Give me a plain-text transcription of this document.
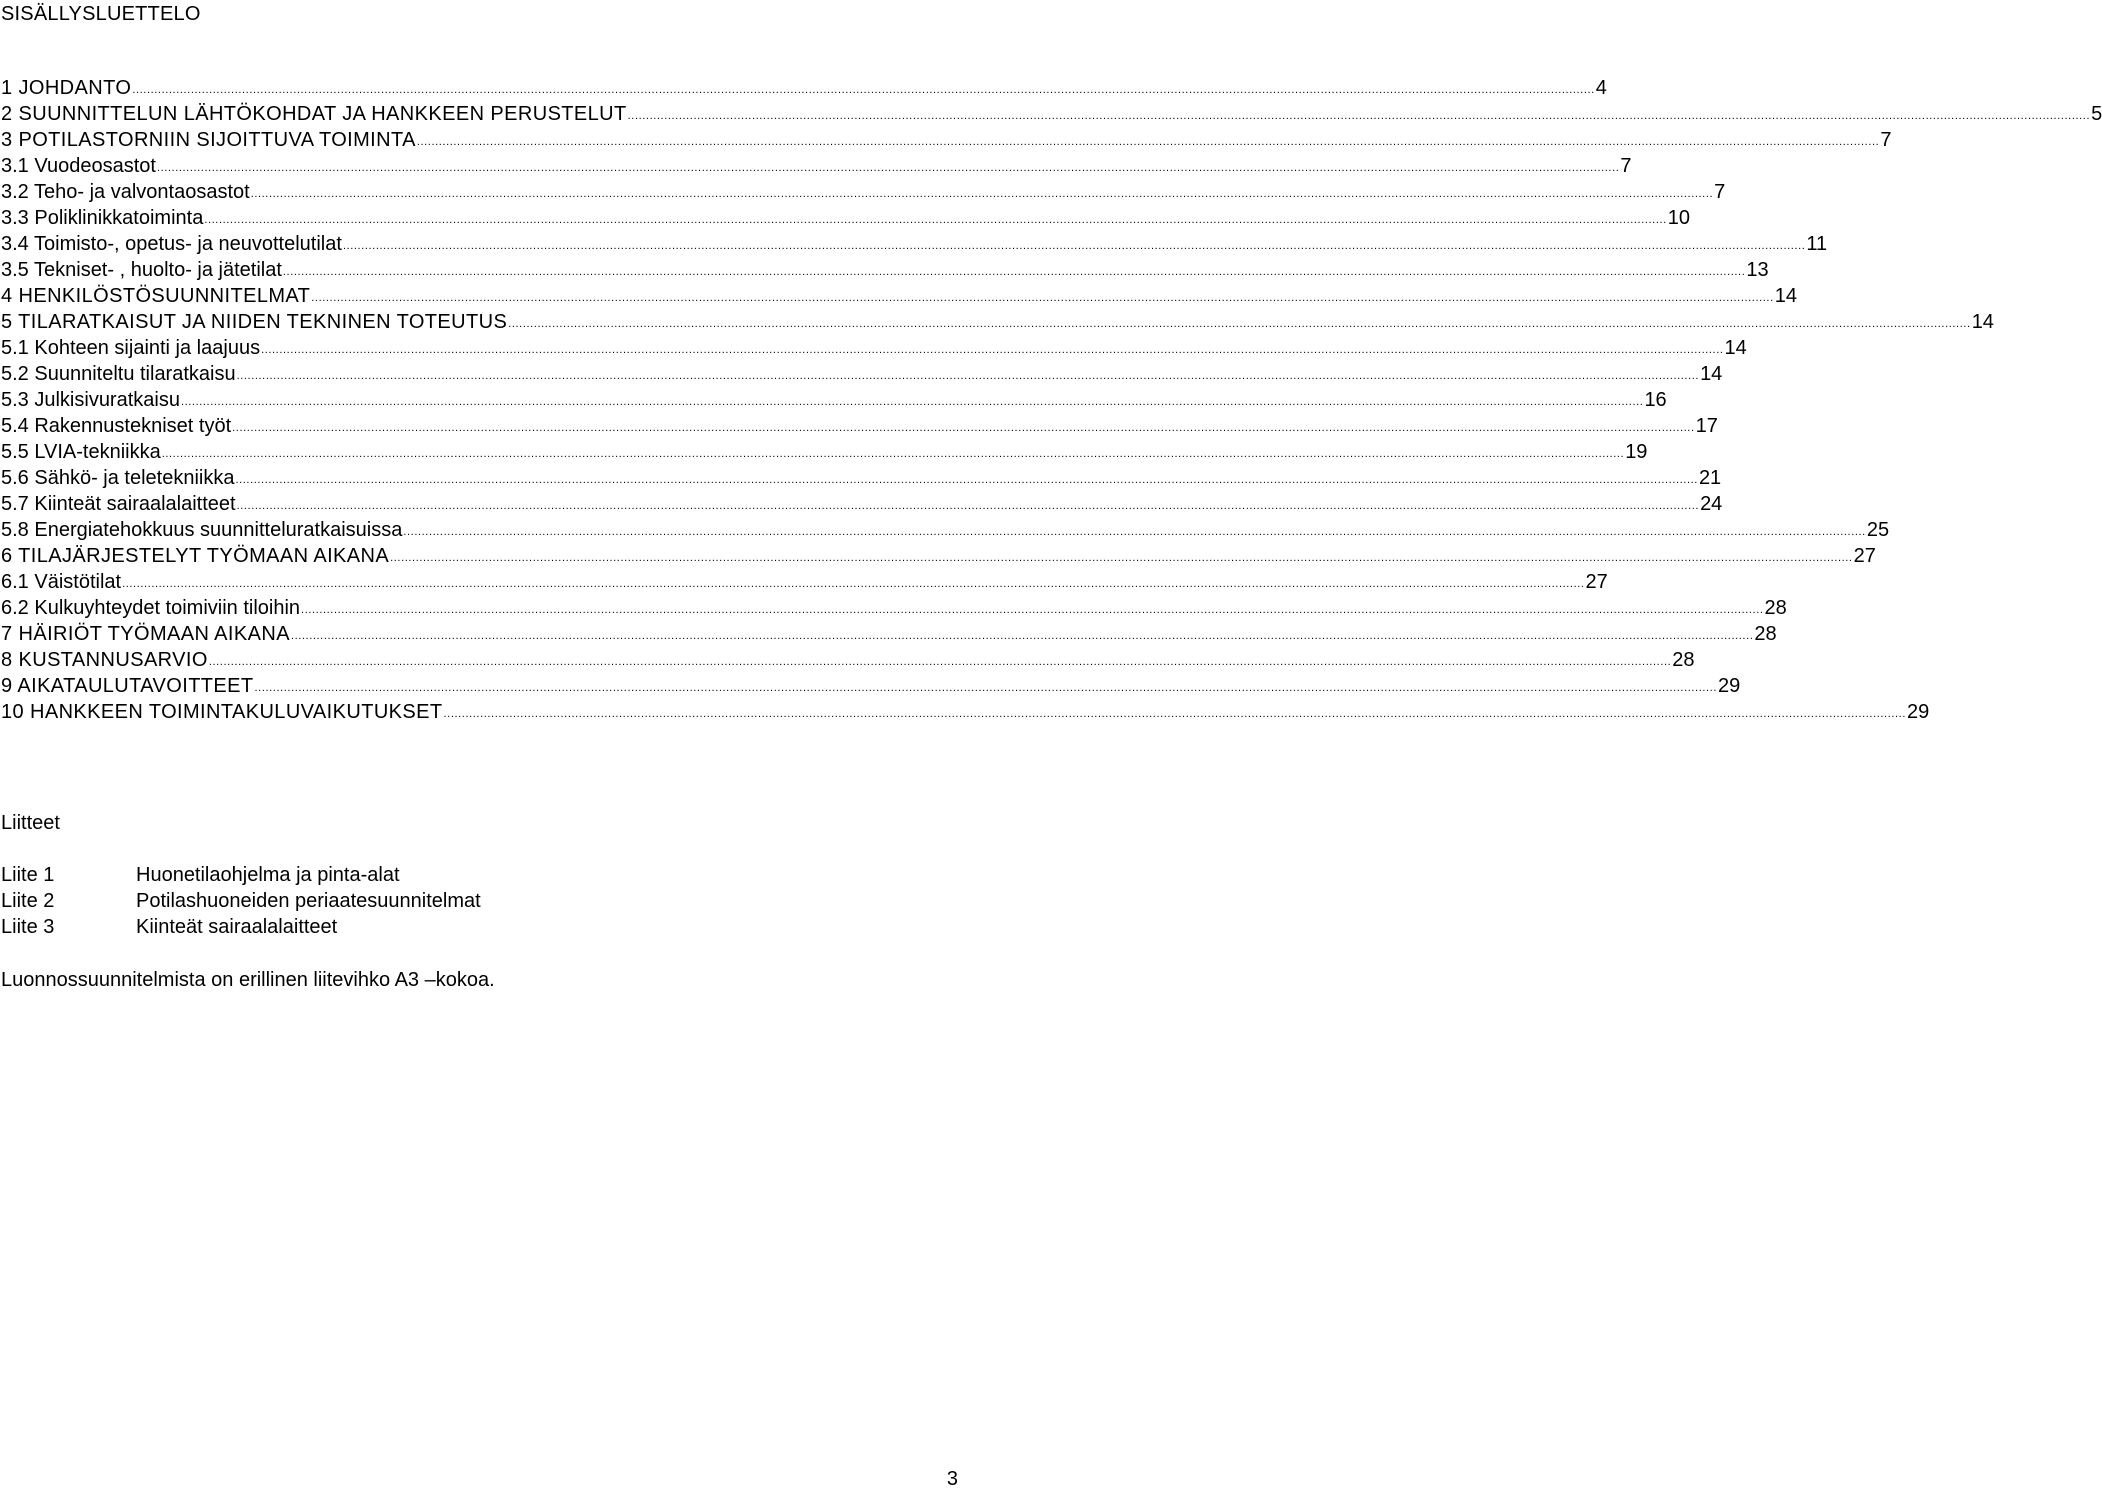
SISÄLLYSLUETTELO
1 JOHDANTO ................................................................................................................................................................................................................................................................................................................................................................................................................ 4
2 SUUNNITTELUN LÄHTÖKOHDAT JA HANKKEEN PERUSTELUT ................................................................................................................................................................................................................................................................................................................................................................................................................ 5
3 POTILASTORNIIN SIJOITTUVA TOIMINTA ................................................................................................................................................................................................................................................................................................................................................................................................................ 7
3.1 Vuodeosastot ................................................................................................................................................................................................................................................................................................................................................................................................................ 7
3.2 Teho- ja valvontaosastot ................................................................................................................................................................................................................................................................................................................................................................................................................ 7
3.3 Poliklinikkatoiminta ................................................................................................................................................................................................................................................................................................................................................................................................................ 10
3.4 Toimisto-, opetus- ja neuvottelutilat ................................................................................................................................................................................................................................................................................................................................................................................................................ 11
3.5 Tekniset- , huolto- ja jätetilat ................................................................................................................................................................................................................................................................................................................................................................................................................ 13
4 HENKILÖSTÖSUUNNITELMAT ................................................................................................................................................................................................................................................................................................................................................................................................................ 14
5 TILARATKAISUT JA NIIDEN TEKNINEN TOTEUTUS ................................................................................................................................................................................................................................................................................................................................................................................................................ 14
5.1 Kohteen sijainti ja laajuus ................................................................................................................................................................................................................................................................................................................................................................................................................ 14
5.2 Suunniteltu tilaratkaisu ................................................................................................................................................................................................................................................................................................................................................................................................................ 14
5.3 Julkisivuratkaisu ................................................................................................................................................................................................................................................................................................................................................................................................................ 16
5.4 Rakennustekniset työt ................................................................................................................................................................................................................................................................................................................................................................................................................ 17
5.5 LVIA-tekniikka ................................................................................................................................................................................................................................................................................................................................................................................................................ 19
5.6 Sähkö- ja teletekniikka ................................................................................................................................................................................................................................................................................................................................................................................................................ 21
5.7 Kiinteät sairaalalaitteet ................................................................................................................................................................................................................................................................................................................................................................................................................ 24
5.8 Energiatehokkuus suunnitteluratkaisuissa ................................................................................................................................................................................................................................................................................................................................................................................................................ 25
6 TILAJÄRJESTELYT TYÖMAAN AIKANA ................................................................................................................................................................................................................................................................................................................................................................................................................ 27
6.1 Väistötilat ................................................................................................................................................................................................................................................................................................................................................................................................................ 27
6.2 Kulkuyhteydet toimiviin tiloihin ................................................................................................................................................................................................................................................................................................................................................................................................................ 28
7 HÄIRIÖT TYÖMAAN AIKANA ................................................................................................................................................................................................................................................................................................................................................................................................................ 28
8 KUSTANNUSARVIO ................................................................................................................................................................................................................................................................................................................................................................................................................ 28
9 AIKATAULUTAVOITTEET ................................................................................................................................................................................................................................................................................................................................................................................................................ 29
10 HANKKEEN TOIMINTAKULUVAIKUTUKSET ................................................................................................................................................................................................................................................................................................................................................................................................................ 29
Liitteet
Liite 1	Huonetilaohjelma ja pinta-alat
Liite 2	Potilashuoneiden periaatesuunnitelmat
Liite 3	Kiinteät sairaalalaitteet
Luonnossuunnitelmista on erillinen liitevihko A3 –kokoa.
3
